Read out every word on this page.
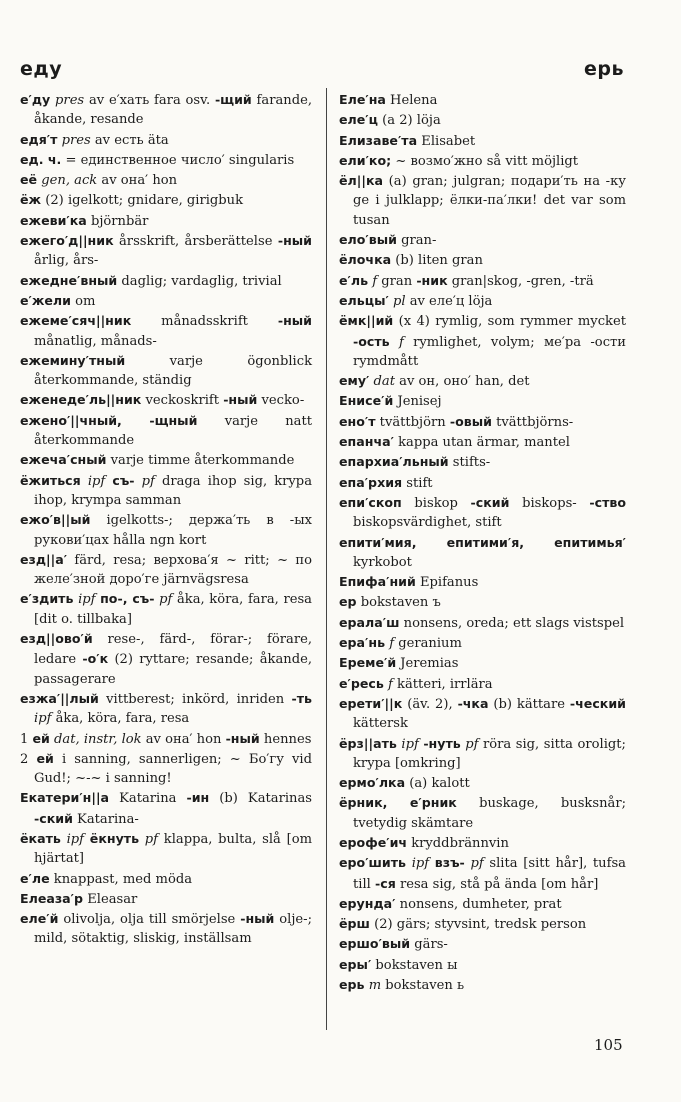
еду	ерь
е′ду pres av е′хать fara osv. -щий farande, åkande, resande
едя′т pres av есть äta
ед. ч. = единственное число′ singularis
её gen, ack av она′ hon
ёж (2) igelkott; gnidare, girigbuk
ежеви′ка björnbär
ежего′д||ник årsskrift, årsberättelse -ный årlig, års-
ежедне′вный daglig; vardaglig, trivial
е′жели om
ежеме′сяч||ник månadsskrift -ный månatlig, månads-
ежемину′тный varje ögonblick återkommande, ständig
еженеде′ль||ник veckoskrift -ный vecko-
ежено′||чный, -щный varje natt återkommande
ежеча′сный varje timme återkommande
ёжиться ipf съ- pf draga ihop sig, krypa ihop, krympa samman
ежо′в||ый igelkotts-; держа′ть в -ых рукови′цах hålla ngn kort
езд||а′ färd, resa; верхова′я ~ ritt; ~ по желе′зной доро′ге järnvägsresa
е′здить ipf по-, съ- pf åka, köra, fara, resa [dit o. tillbaka]
езд||ово′й rese-, färd-, förar-; förare, ledare -о′к (2) ryttare; resande; åkande, passagerare
езжа′||лый vittberest; inkörd, inriden -ть ipf åka, köra, fara, resa
1 ей dat, instr, lok av она′ hon -ный hennes
2 ей i sanning, sannerligen; ~ Бо′гу vid Gud!; ~-~ i sanning!
Екатери′н||а Katarina -ин (b) Katarinas -ский Katarina-
ёкать ipf ёкнуть pf klappa, bulta, slå [om hjärtat]
е′ле knappast, med möda
Елеаза′р Eleasar
еле′й olivolja, olja till smörjelse -ный olje-; mild, sötaktig, sliskig, inställsam
Еле′на Helena
еле′ц (a 2) löja
Елизаве′та Elisabet
ели′ко; ~ возмо′жно så vitt möjligt
ёл||ка (a) gran; julgran; подари′ть на -ку ge i julklapp; ёлки-па′лки! det var som tusan
ело′вый gran-
ёлочка (b) liten gran
е′ль f gran -ник gran|skog, -gren, -trä
ельцы′ pl av еле′ц löja
ёмк||ий (x 4) rymlig, som rymmer mycket -ость f rymlighet, volym; ме′ра -ости rymdmått
ему′ dat av он, оно′ han, det
Енисе′й Jenisej
ено′т tvättbjörn -овый tvättbjörns-
епанча′ kappa utan ärmar, mantel
епархиа′льный stifts-
епа′рхия stift
епи′скоп biskop -ский biskops- -ство biskopsvärdighet, stift
епити′мия, епитими′я, епитимья′ kyrkobot
Епифа′ний Epifanus
ер bokstaven ъ
ерала′ш nonsens, oreda; ett slags vistspel
ера′нь f geranium
Ереме′й Jeremias
е′ресь f kätteri, irrlära
ерети′||к (äv. 2), -чка (b) kättare -ческий kättersk
ёрз||ать ipf -нуть pf röra sig, sitta oroligt; krypa [omkring]
ермо′лка (a) kalott
ёрник, е′рник buskage, busksnår; tvetydig skämtare
ерофе′ич kryddbrännvin
еро′шить ipf взъ- pf slita [sitt hår], tufsa till -ся resa sig, stå på ända [om hår]
ерунда′ nonsens, dumheter, prat
ёрш (2) gärs; styvsint, tredsk person
ершо′вый gärs-
еры′ bokstaven ы
ерь m bokstaven ь
105
